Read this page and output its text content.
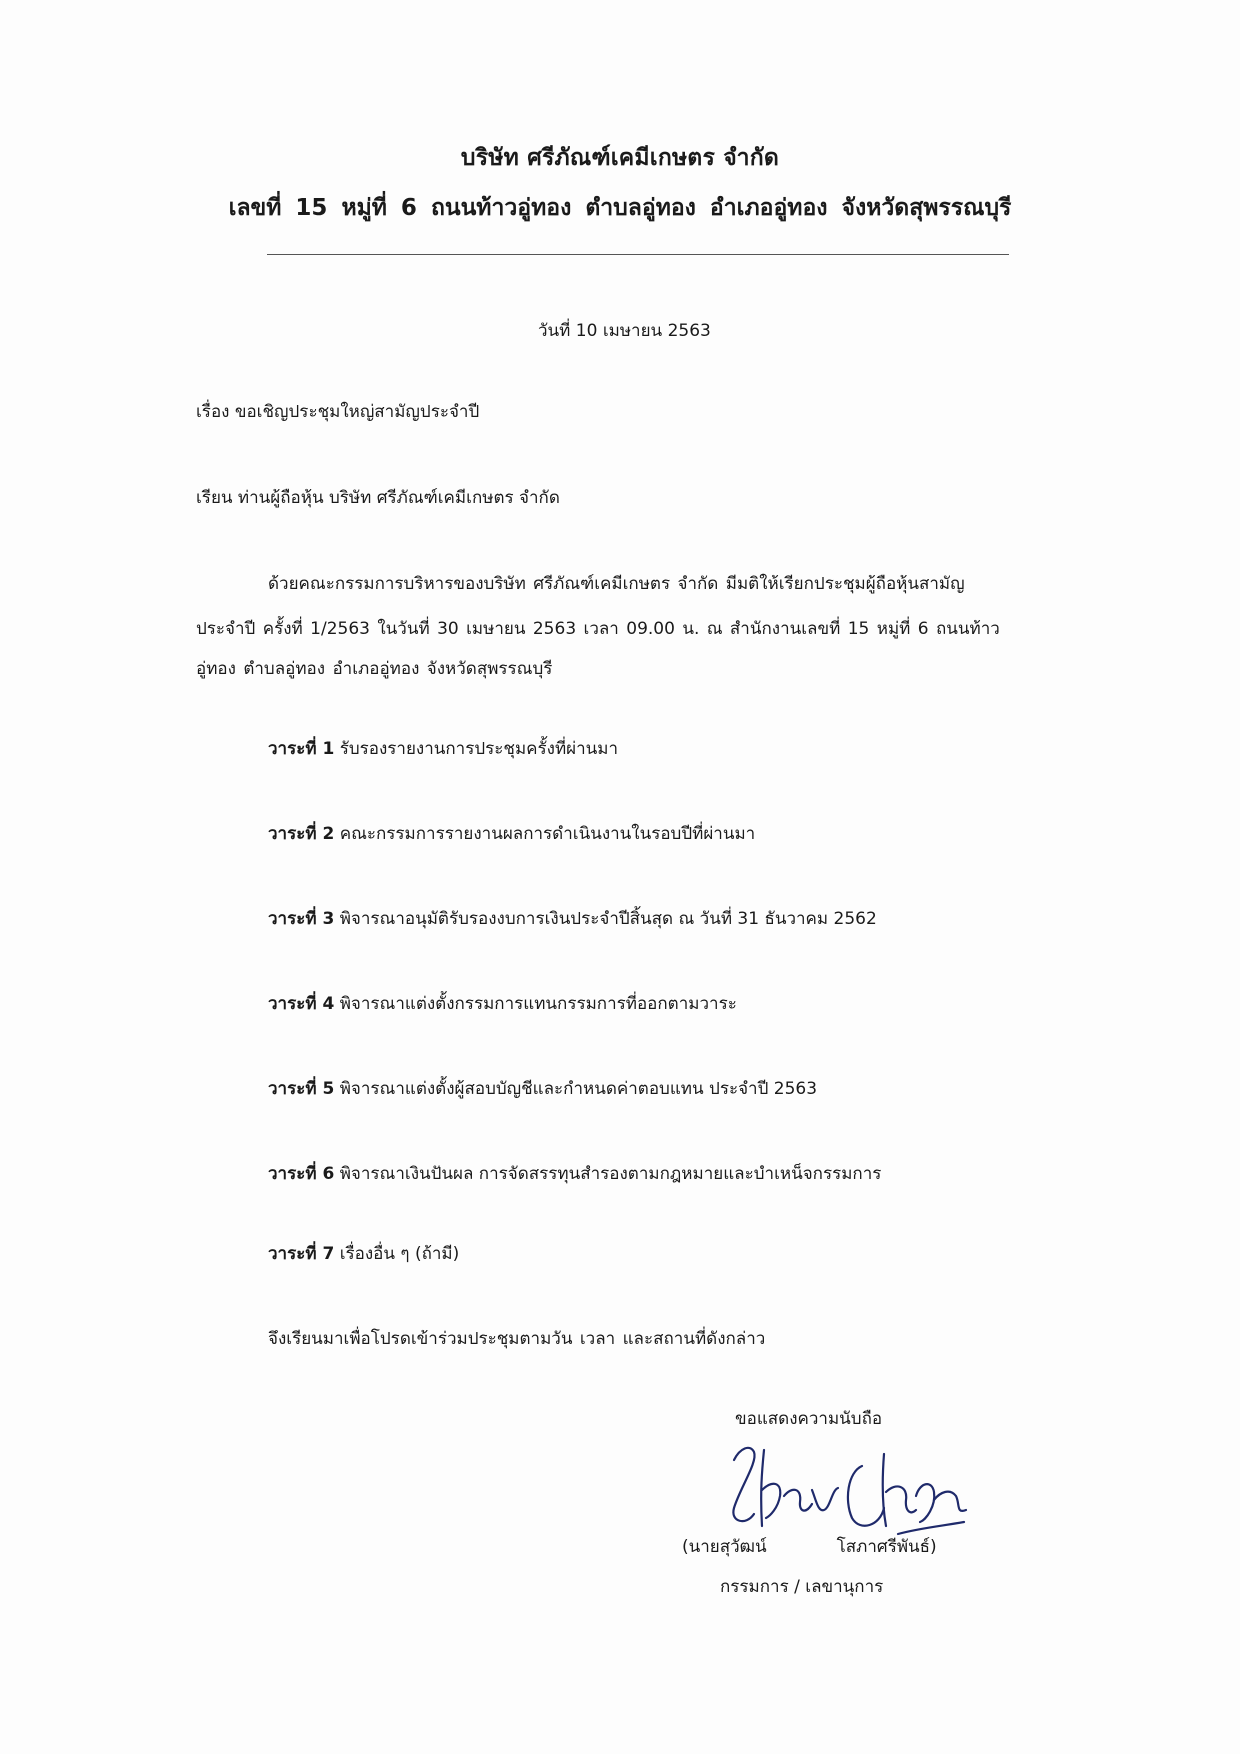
บริษัท ศรีภัณฑ์เคมีเกษตร จำกัด
เลขที่ 15 หมู่ที่ 6 ถนนท้าวอู่ทอง ตำบลอู่ทอง อำเภออู่ทอง จังหวัดสุพรรณบุรี
วันที่ 10 เมษายน 2563
เรื่อง ขอเชิญประชุมใหญ่สามัญประจำปี
เรียน ท่านผู้ถือหุ้น บริษัท ศรีภัณฑ์เคมีเกษตร จำกัด
ด้วยคณะกรรมการบริหารของบริษัท ศรีภัณฑ์เคมีเกษตร จำกัด มีมติให้เรียกประชุมผู้ถือหุ้นสามัญ
ประจำปี ครั้งที่ 1/2563 ในวันที่ 30 เมษายน 2563 เวลา 09.00 น. ณ สำนักงานเลขที่ 15 หมู่ที่ 6 ถนนท้าว
อู่ทอง ตำบลอู่ทอง อำเภออู่ทอง จังหวัดสุพรรณบุรี
วาระที่ 1 รับรองรายงานการประชุมครั้งที่ผ่านมา
วาระที่ 2 คณะกรรมการรายงานผลการดำเนินงานในรอบปีที่ผ่านมา
วาระที่ 3 พิจารณาอนุมัติรับรองงบการเงินประจำปีสิ้นสุด ณ วันที่ 31 ธันวาคม 2562
วาระที่ 4 พิจารณาแต่งตั้งกรรมการแทนกรรมการที่ออกตามวาระ
วาระที่ 5 พิจารณาแต่งตั้งผู้สอบบัญชีและกำหนดค่าตอบแทน ประจำปี 2563
วาระที่ 6 พิจารณาเงินปันผล การจัดสรรทุนสำรองตามกฎหมายและบำเหน็จกรรมการ
วาระที่ 7 เรื่องอื่น ๆ (ถ้ามี)
จึงเรียนมาเพื่อโปรดเข้าร่วมประชุมตามวัน เวลา และสถานที่ดังกล่าว
ขอแสดงความนับถือ
(นายสุวัฒน์	โสภาศรีพันธ์)
กรรมการ / เลขานุการ
